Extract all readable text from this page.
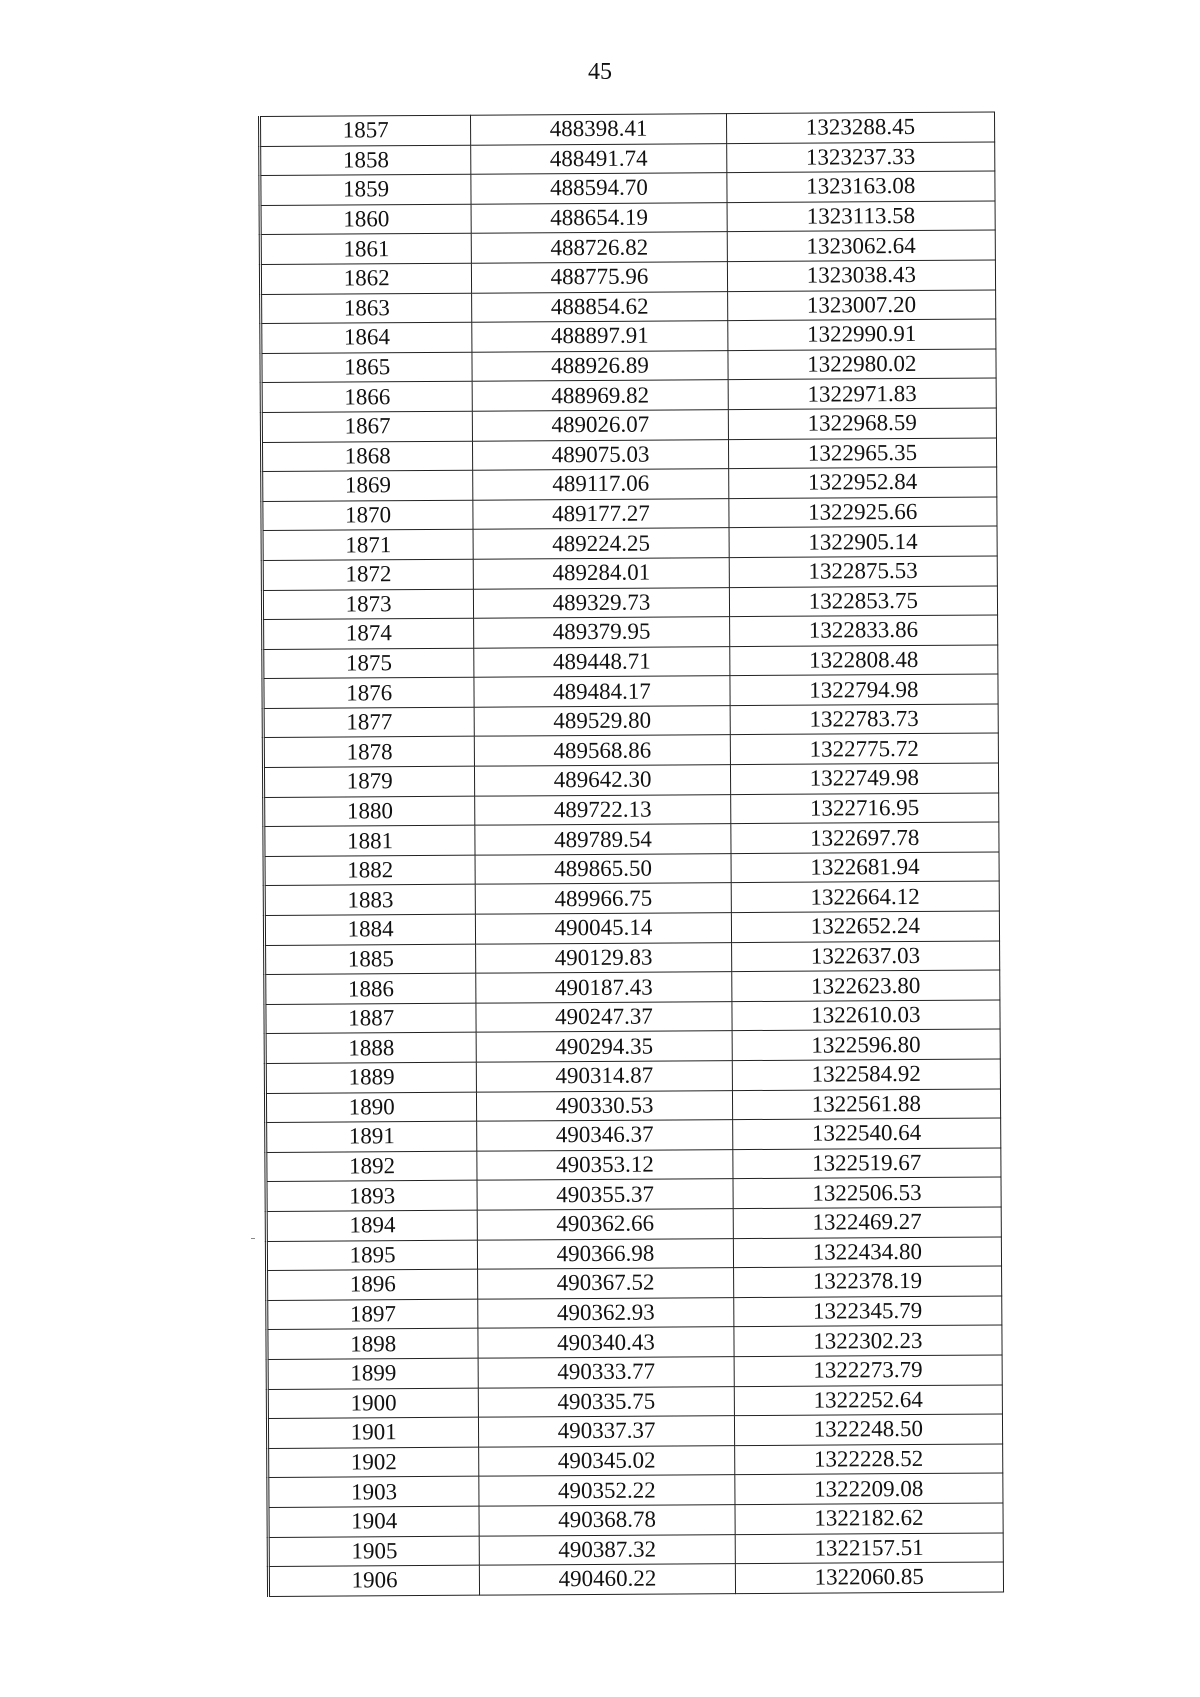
45
1857	488398.41	1323288.45
1858	488491.74	1323237.33
1859	488594.70	1323163.08
1860	488654.19	1323113.58
1861	488726.82	1323062.64
1862	488775.96	1323038.43
1863	488854.62	1323007.20
1864	488897.91	1322990.91
1865	488926.89	1322980.02
1866	488969.82	1322971.83
1867	489026.07	1322968.59
1868	489075.03	1322965.35
1869	489117.06	1322952.84
1870	489177.27	1322925.66
1871	489224.25	1322905.14
1872	489284.01	1322875.53
1873	489329.73	1322853.75
1874	489379.95	1322833.86
1875	489448.71	1322808.48
1876	489484.17	1322794.98
1877	489529.80	1322783.73
1878	489568.86	1322775.72
1879	489642.30	1322749.98
1880	489722.13	1322716.95
1881	489789.54	1322697.78
1882	489865.50	1322681.94
1883	489966.75	1322664.12
1884	490045.14	1322652.24
1885	490129.83	1322637.03
1886	490187.43	1322623.80
1887	490247.37	1322610.03
1888	490294.35	1322596.80
1889	490314.87	1322584.92
1890	490330.53	1322561.88
1891	490346.37	1322540.64
1892	490353.12	1322519.67
1893	490355.37	1322506.53
1894	490362.66	1322469.27
1895	490366.98	1322434.80
1896	490367.52	1322378.19
1897	490362.93	1322345.79
1898	490340.43	1322302.23
1899	490333.77	1322273.79
1900	490335.75	1322252.64
1901	490337.37	1322248.50
1902	490345.02	1322228.52
1903	490352.22	1322209.08
1904	490368.78	1322182.62
1905	490387.32	1322157.51
1906	490460.22	1322060.85
